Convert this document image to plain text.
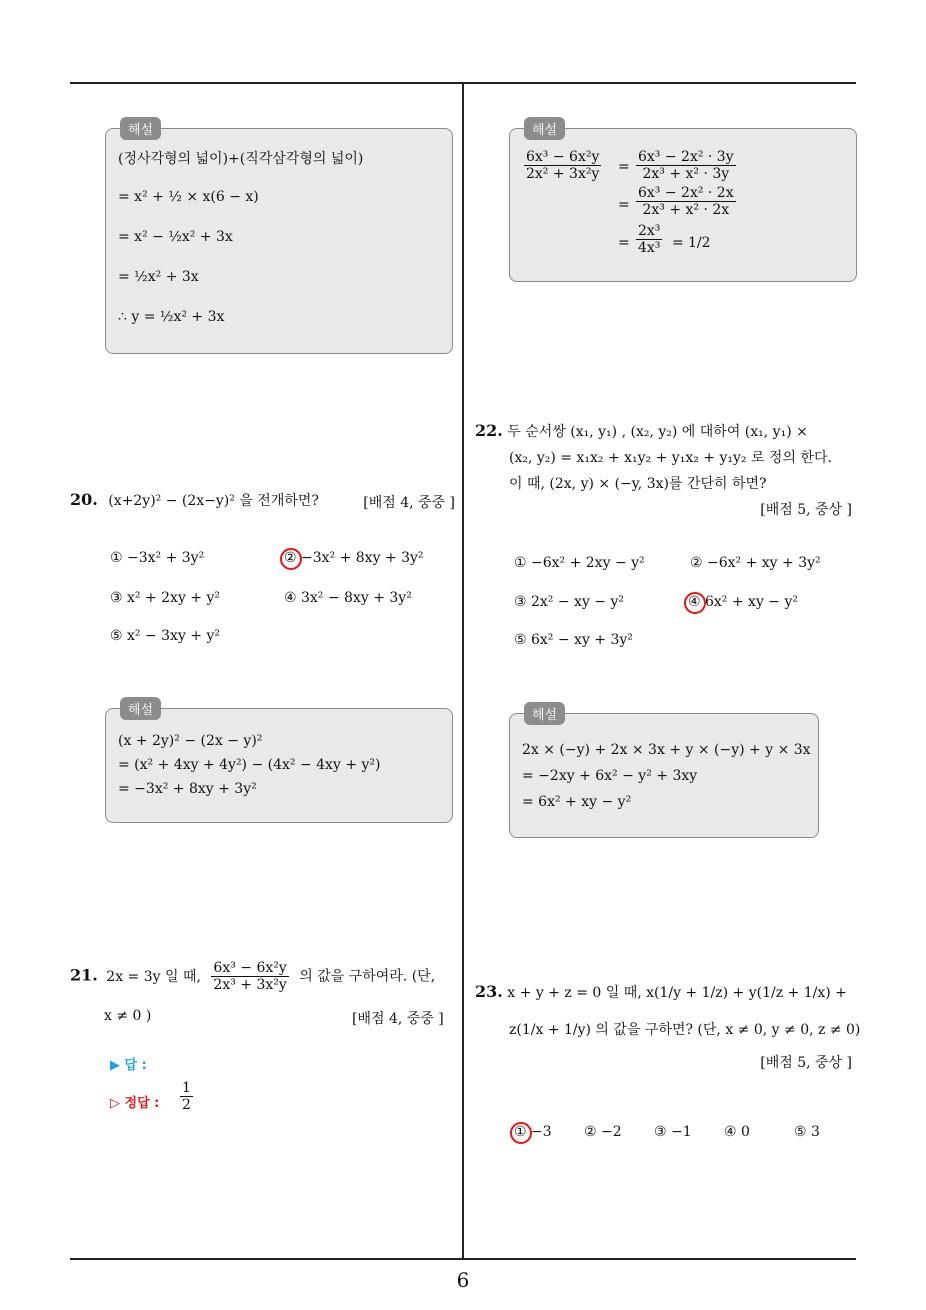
해설
(정사각형의 넓이)+(직각삼각형의 넓이)
= x² + ½ × x(6 − x)
= x² − ½x² + 3x
= ½x² + 3x
∴ y = ½x² + 3x
20. (x+2y)² − (2x−y)² 을 전개하면?	[배점 4, 중중 ]
① −3x² + 3y²	② −3x² + 8xy + 3y²
③ x² + 2xy + y²	④ 3x² − 8xy + 3y²
⑤ x² − 3xy + y²
해설
(x + 2y)² − (2x − y)²
= (x² + 4xy + 4y²) − (4x² − 4xy + y²)
= −3x² + 8xy + 3y²
21. 2x = 3y 일 때, $\frac{\text{6x³ − 6x²y}}{\text{2x³ + 3x²y}}$ 의 값을 구하여라. (단,
x ≠ 0 )	[배점 4, 중중 ]
▶ 답 :
▷ 정답 : $\frac{1}{2}$
해설
$\frac{\text{6x³ − 6x²y}}{\text{2x² + 3x²y}} = \frac{\text{6x³ − 2x² · 3y}}{\text{2x³ + x² · 3y}}$
= $\frac{\text{6x³ − 2x² · 2x}}{\text{2x³ + x² · 2x}}$
= $\frac{\text{2x³}}{\text{4x³}} = 1/2$
22. 두 순서쌍 (x₁, y₁) , (x₂, y₂) 에 대하여 (x₁, y₁) ×
(x₂, y₂) = x₁x₂ + x₁y₂ + y₁x₂ + y₁y₂ 로 정의 한다.
이 때, (2x, y) × (−y, 3x)를 간단히 하면?
[배점 5, 중상 ]
① −6x² + 2xy − y²	② −6x² + xy + 3y²
③ 2x² − xy − y²	④ 6x² + xy − y²
⑤ 6x² − xy + 3y²
해설
2x × (−y) + 2x × 3x + y × (−y) + y × 3x
= −2xy + 6x² − y² + 3xy
= 6x² + xy − y²
23. x + y + z = 0 일 때, x(1/y + 1/z) + y(1/z + 1/x) +
z(1/x + 1/y) 의 값을 구하면? (단, x ≠ 0, y ≠ 0, z ≠ 0)
[배점 5, 중상 ]
① −3 ② −2 ③ −1 ④ 0	⑤ 3
6
